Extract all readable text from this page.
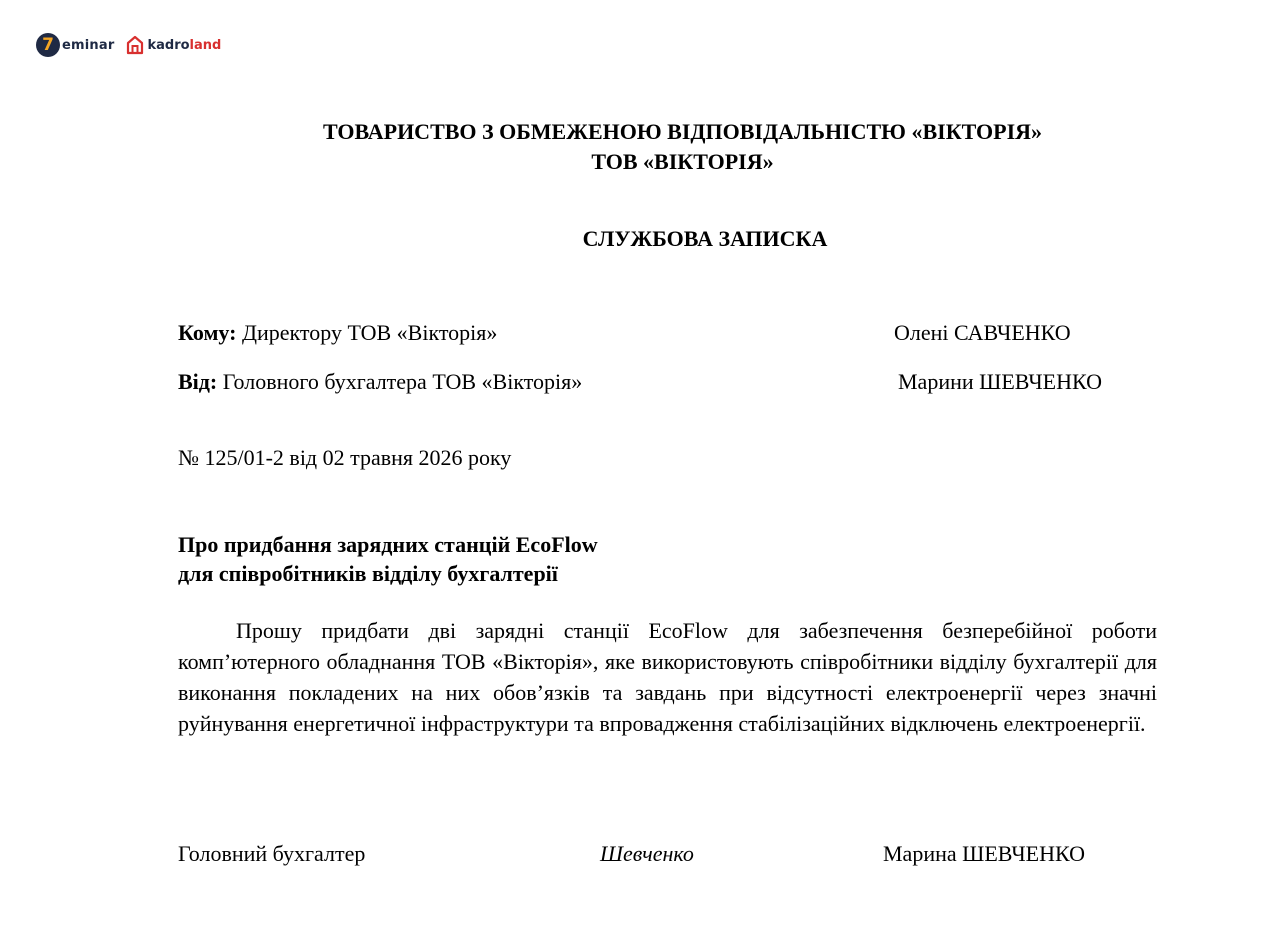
7 eminar	kadro land
ТОВАРИСТВО З ОБМЕЖЕНОЮ ВІДПОВІДАЛЬНІСТЮ «ВІКТОРІЯ»
ТОВ «ВІКТОРІЯ»
СЛУЖБОВА ЗАПИСКА
Кому: Директору ТОВ «Вікторія»	Олені САВЧЕНКО
Від: Головного бухгалтера ТОВ «Вікторія»	Марини ШЕВЧЕНКО
№ 125/01-2 від 02 травня 2026 року
Про придбання зарядних станцій EcoFlow
для співробітників відділу бухгалтерії
Прошу придбати дві зарядні станції EcoFlow для забезпечення безперебійної роботи комп’ютерного обладнання ТОВ «Вікторія», яке використовують співробітники відділу бухгалтерії для виконання покладених на них обов’язків та завдань при відсутності електроенергії через значні руйнування енергетичної інфраструктури та впровадження стабілізаційних відключень електроенергії.
Головний бухгалтер	Шевченко	Марина ШЕВЧЕНКО
